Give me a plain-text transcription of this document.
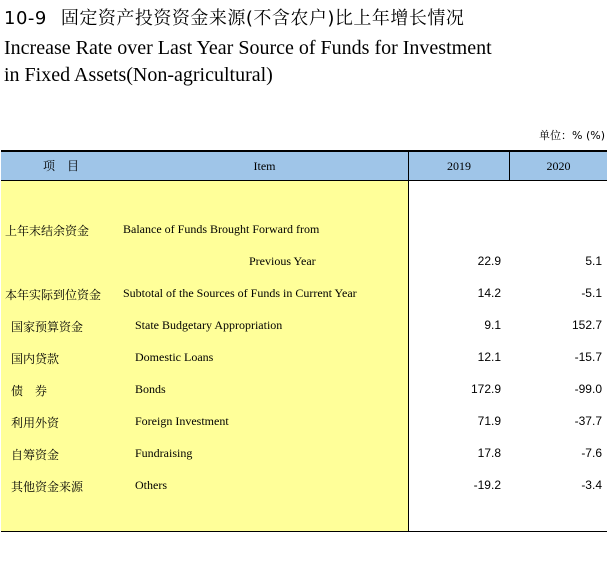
10-9 固定资产投资资金来源(不含农户)比上年增长情况
Increase Rate over Last Year Source of Funds for Investment
in Fixed Assets(Non-agricultural)
单位：% (%)
项　目	Item	2019	2020
上年末结余资金	Balance of Funds Brought Forward from
Previous Year	22.9	5.1
本年实际到位资金 Subtotal of the Sources of Funds in Current Year	14.2	-5.1
国家预算资金	State Budgetary Appropriation	9.1	152.7
国内贷款	Domestic Loans	12.1	-15.7
债　券	Bonds	172.9	-99.0
利用外资	Foreign Investment	71.9	-37.7
自筹资金	Fundraising	17.8	-7.6
其他资金来源	Others	-19.2	-3.4
